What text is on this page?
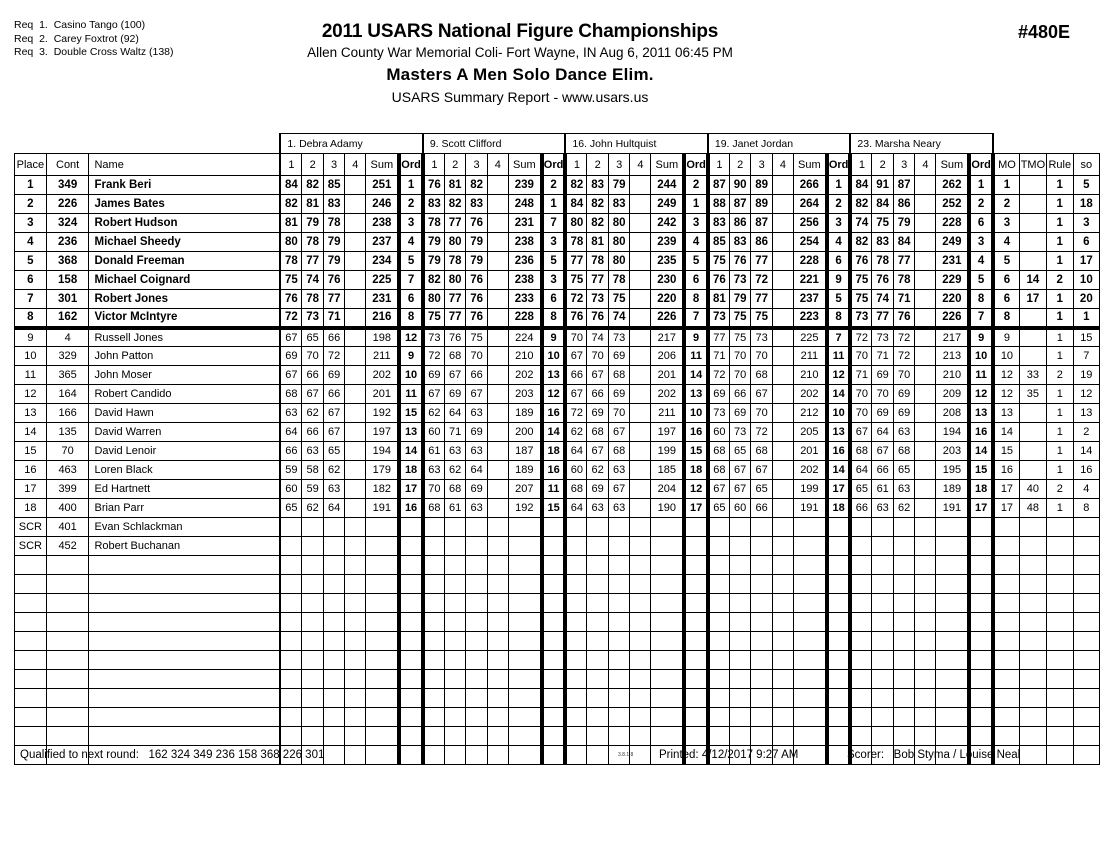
Req  1.  Casino Tango (100)
Req  2.  Carey Foxtrot (92)
Req  3.  Double Cross Waltz (138)
2011 USARS National Figure Championships
Allen County War Memorial Coli- Fort Wayne, IN Aug 6, 2011 06:45 PM
Masters A Men Solo Dance Elim.
USARS Summary Report - www.usars.us
#480E
			1. Debra Adamy						9. Scott Clifford						16. John Hultquist						19. Janet Jordan						23. Marsha Neary									
Place	Cont	Name	1	2	3	4	Sum	Ord	1	2	3	4	Sum	Ord	1	2	3	4	Sum	Ord	1	2	3	4	Sum	Ord	1	2	3	4	Sum	Ord	MO	TMO	Rule	so
1	349	Frank Beri	84	82	85		251	1	76	81	82		239	2	82	83	79		244	2	87	90	89		266	1	84	91	87		262	1	1		1	5
2	226	James Bates	82	81	83		246	2	83	82	83		248	1	84	82	83		249	1	88	87	89		264	2	82	84	86		252	2	2		1	18
3	324	Robert Hudson	81	79	78		238	3	78	77	76		231	7	80	82	80		242	3	83	86	87		256	3	74	75	79		228	6	3		1	3
4	236	Michael Sheedy	80	78	79		237	4	79	80	79		238	3	78	81	80		239	4	85	83	86		254	4	82	83	84		249	3	4		1	6
5	368	Donald Freeman	78	77	79		234	5	79	78	79		236	5	77	78	80		235	5	75	76	77		228	6	76	78	77		231	4	5		1	17
6	158	Michael Coignard	75	74	76		225	7	82	80	76		238	3	75	77	78		230	6	76	73	72		221	9	75	76	78		229	5	6	14	2	10
7	301	Robert Jones	76	78	77		231	6	80	77	76		233	6	72	73	75		220	8	81	79	77		237	5	75	74	71		220	8	6	17	1	20
8	162	Victor McIntyre	72	73	71		216	8	75	77	76		228	8	76	76	74		226	7	73	75	75		223	8	73	77	76		226	7	8		1	1
9	4	Russell Jones	67	65	66		198	12	73	76	75		224	9	70	74	73		217	9	77	75	73		225	7	72	73	72		217	9	9		1	15
10	329	John Patton	69	70	72		211	9	72	68	70		210	10	67	70	69		206	11	71	70	70		211	11	70	71	72		213	10	10		1	7
11	365	John Moser	67	66	69		202	10	69	67	66		202	13	66	67	68		201	14	72	70	68		210	12	71	69	70		210	11	12	33	2	19
12	164	Robert Candido	68	67	66		201	11	67	69	67		203	12	67	66	69		202	13	69	66	67		202	14	70	70	69		209	12	12	35	1	12
13	166	David Hawn	63	62	67		192	15	62	64	63		189	16	72	69	70		211	10	73	69	70		212	10	70	69	69		208	13	13		1	13
14	135	David Warren	64	66	67		197	13	60	71	69		200	14	62	68	67		197	16	60	73	72		205	13	67	64	63		194	16	14		1	2
15	70	David Lenoir	66	63	65		194	14	61	63	63		187	18	64	67	68		199	15	68	65	68		201	16	68	67	68		203	14	15		1	14
16	463	Loren Black	59	58	62		179	18	63	62	64		189	16	60	62	63		185	18	68	67	67		202	14	64	66	65		195	15	16		1	16
17	399	Ed Hartnett	60	59	63		182	17	70	68	69		207	11	68	69	67		204	12	67	67	65		199	17	65	61	63		189	18	17	40	2	4
18	400	Brian Parr	65	62	64		191	16	68	61	63		192	15	64	63	63		190	17	65	60	66		191	18	66	63	62		191	17	17	48	1	8
SCR	401	Evan Schlackman																																		
SCR	452	Robert Buchanan																																		

Qualified to next round:   162 324 349 236 158 368 226 301	3.8.1.8 Printed: 4/12/2017 9:27 AM	Scorer:   Bob Styma / Louise Neal
